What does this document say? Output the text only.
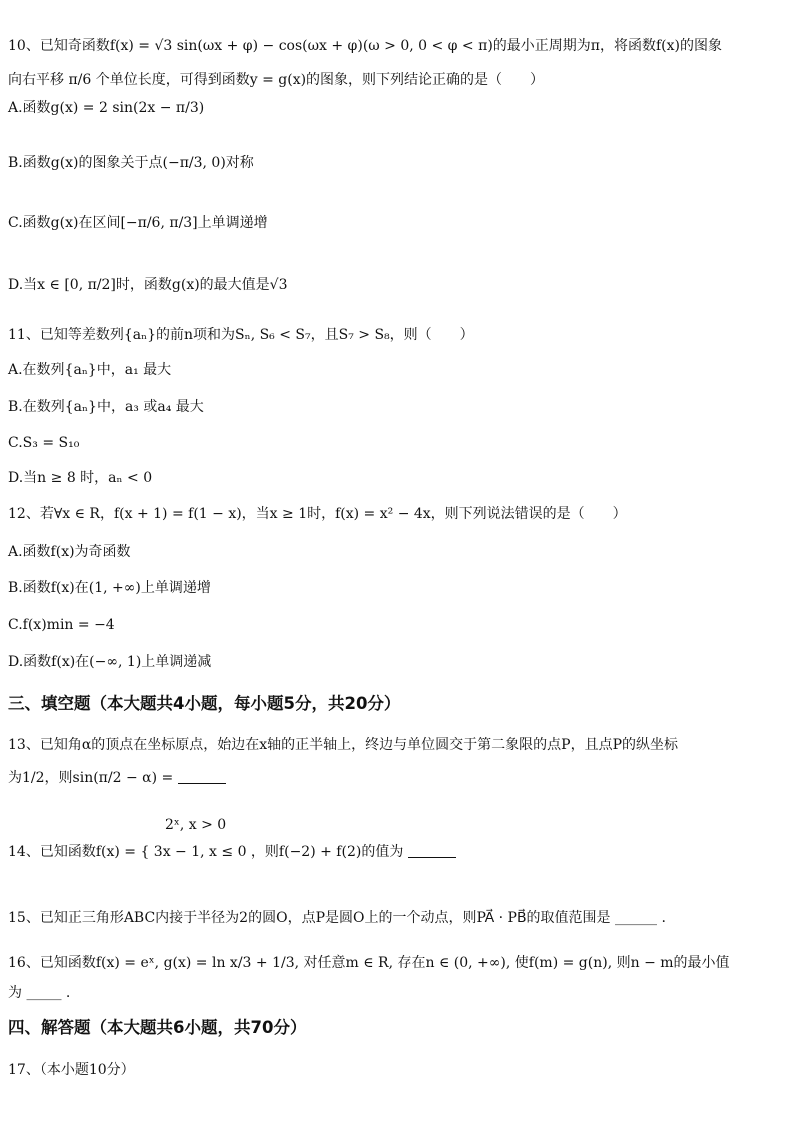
10、已知奇函数f(x) = √3 sin(ωx + φ) − cos(ωx + φ)(ω > 0, 0 < φ < π)的最小正周期为π，将函数f(x)的图象
向右平移 π/6 个单位长度，可得到函数y = g(x)的图象，则下列结论正确的是（　　）
A.函数g(x) = 2 sin(2x − π/3)
B.函数g(x)的图象关于点(−π/3, 0)对称
C.函数g(x)在区间[−π/6, π/3]上单调递增
D.当x ∈ [0, π/2]时，函数g(x)的最大值是√3
11、已知等差数列{aₙ}的前n项和为Sₙ, S₆ < S₇，且S₇ > S₈，则（　　）
A.在数列{aₙ}中，a₁ 最大
B.在数列{aₙ}中，a₃ 或a₄ 最大
C.S₃ = S₁₀
D.当n ≥ 8 时，aₙ < 0
12、若∀x ∈ R，f(x + 1) = f(1 − x)，当x ≥ 1时，f(x) = x² − 4x，则下列说法错误的是（　　）
A.函数f(x)为奇函数
B.函数f(x)在(1, +∞)上单调递增
C.f(x)min = −4
D.函数f(x)在(−∞, 1)上单调递减
三、填空题（本大题共4小题，每小题5分，共20分）
13、已知角α的顶点在坐标原点，始边在x轴的正半轴上，终边与单位圆交于第二象限的点P，且点P的纵坐标
为1/2，则sin(π/2 − α) =
2ˣ, x > 0
14、已知函数f(x) = { 3x − 1, x ≤ 0 ，则f(−2) + f(2)的值为
15、已知正三角形ABC内接于半径为2的圆O，点P是圆O上的一个动点，则PA⃗ · PB⃗的取值范围是 ______ .
16、已知函数f(x) = eˣ, g(x) = ln x/3 + 1/3, 对任意m ∈ R, 存在n ∈ (0, +∞), 使f(m) = g(n), 则n − m的最小值
为 _____ .
四、解答题（本大题共6小题，共70分）
17、（本小题10分）
